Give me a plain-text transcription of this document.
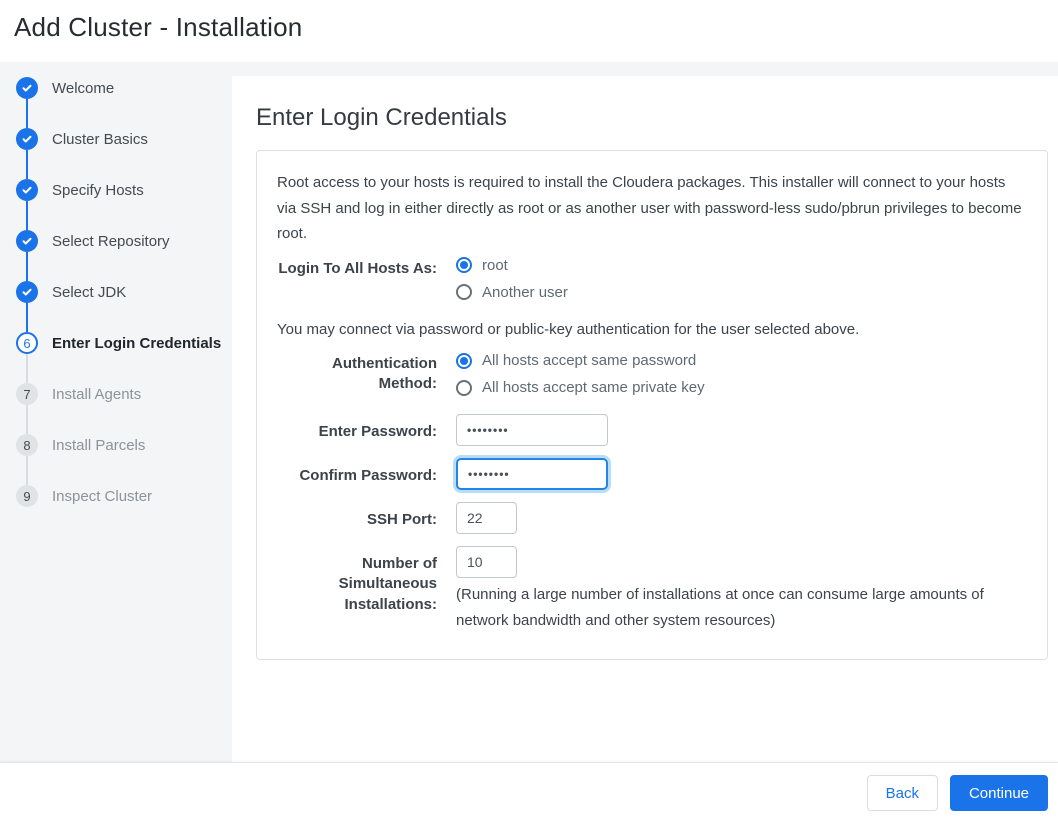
Add Cluster - Installation
Welcome
Cluster Basics
Specify Hosts
Select Repository
Select JDK
6	Enter Login Credentials
7	Install Agents
8	Install Parcels
9	Inspect Cluster
Enter Login Credentials

Root access to your hosts is required to install the Cloudera packages. This installer will connect to your hosts via SSH and log in either directly as root or as another user with password-less sudo/pbrun privileges to become root.

Login To All Hosts As:	root
Another user

You may connect via password or public-key authentication for the user selected above.

Authentication Method:
All hosts accept same password
All hosts accept same private key
Enter Password:
••••••••
Confirm Password:
••••••••
SSH Port:
22
Number of Simultaneous Installations:
10
(Running a large number of installations at once can consume large amounts of network bandwidth and other system resources)
Back	Continue
